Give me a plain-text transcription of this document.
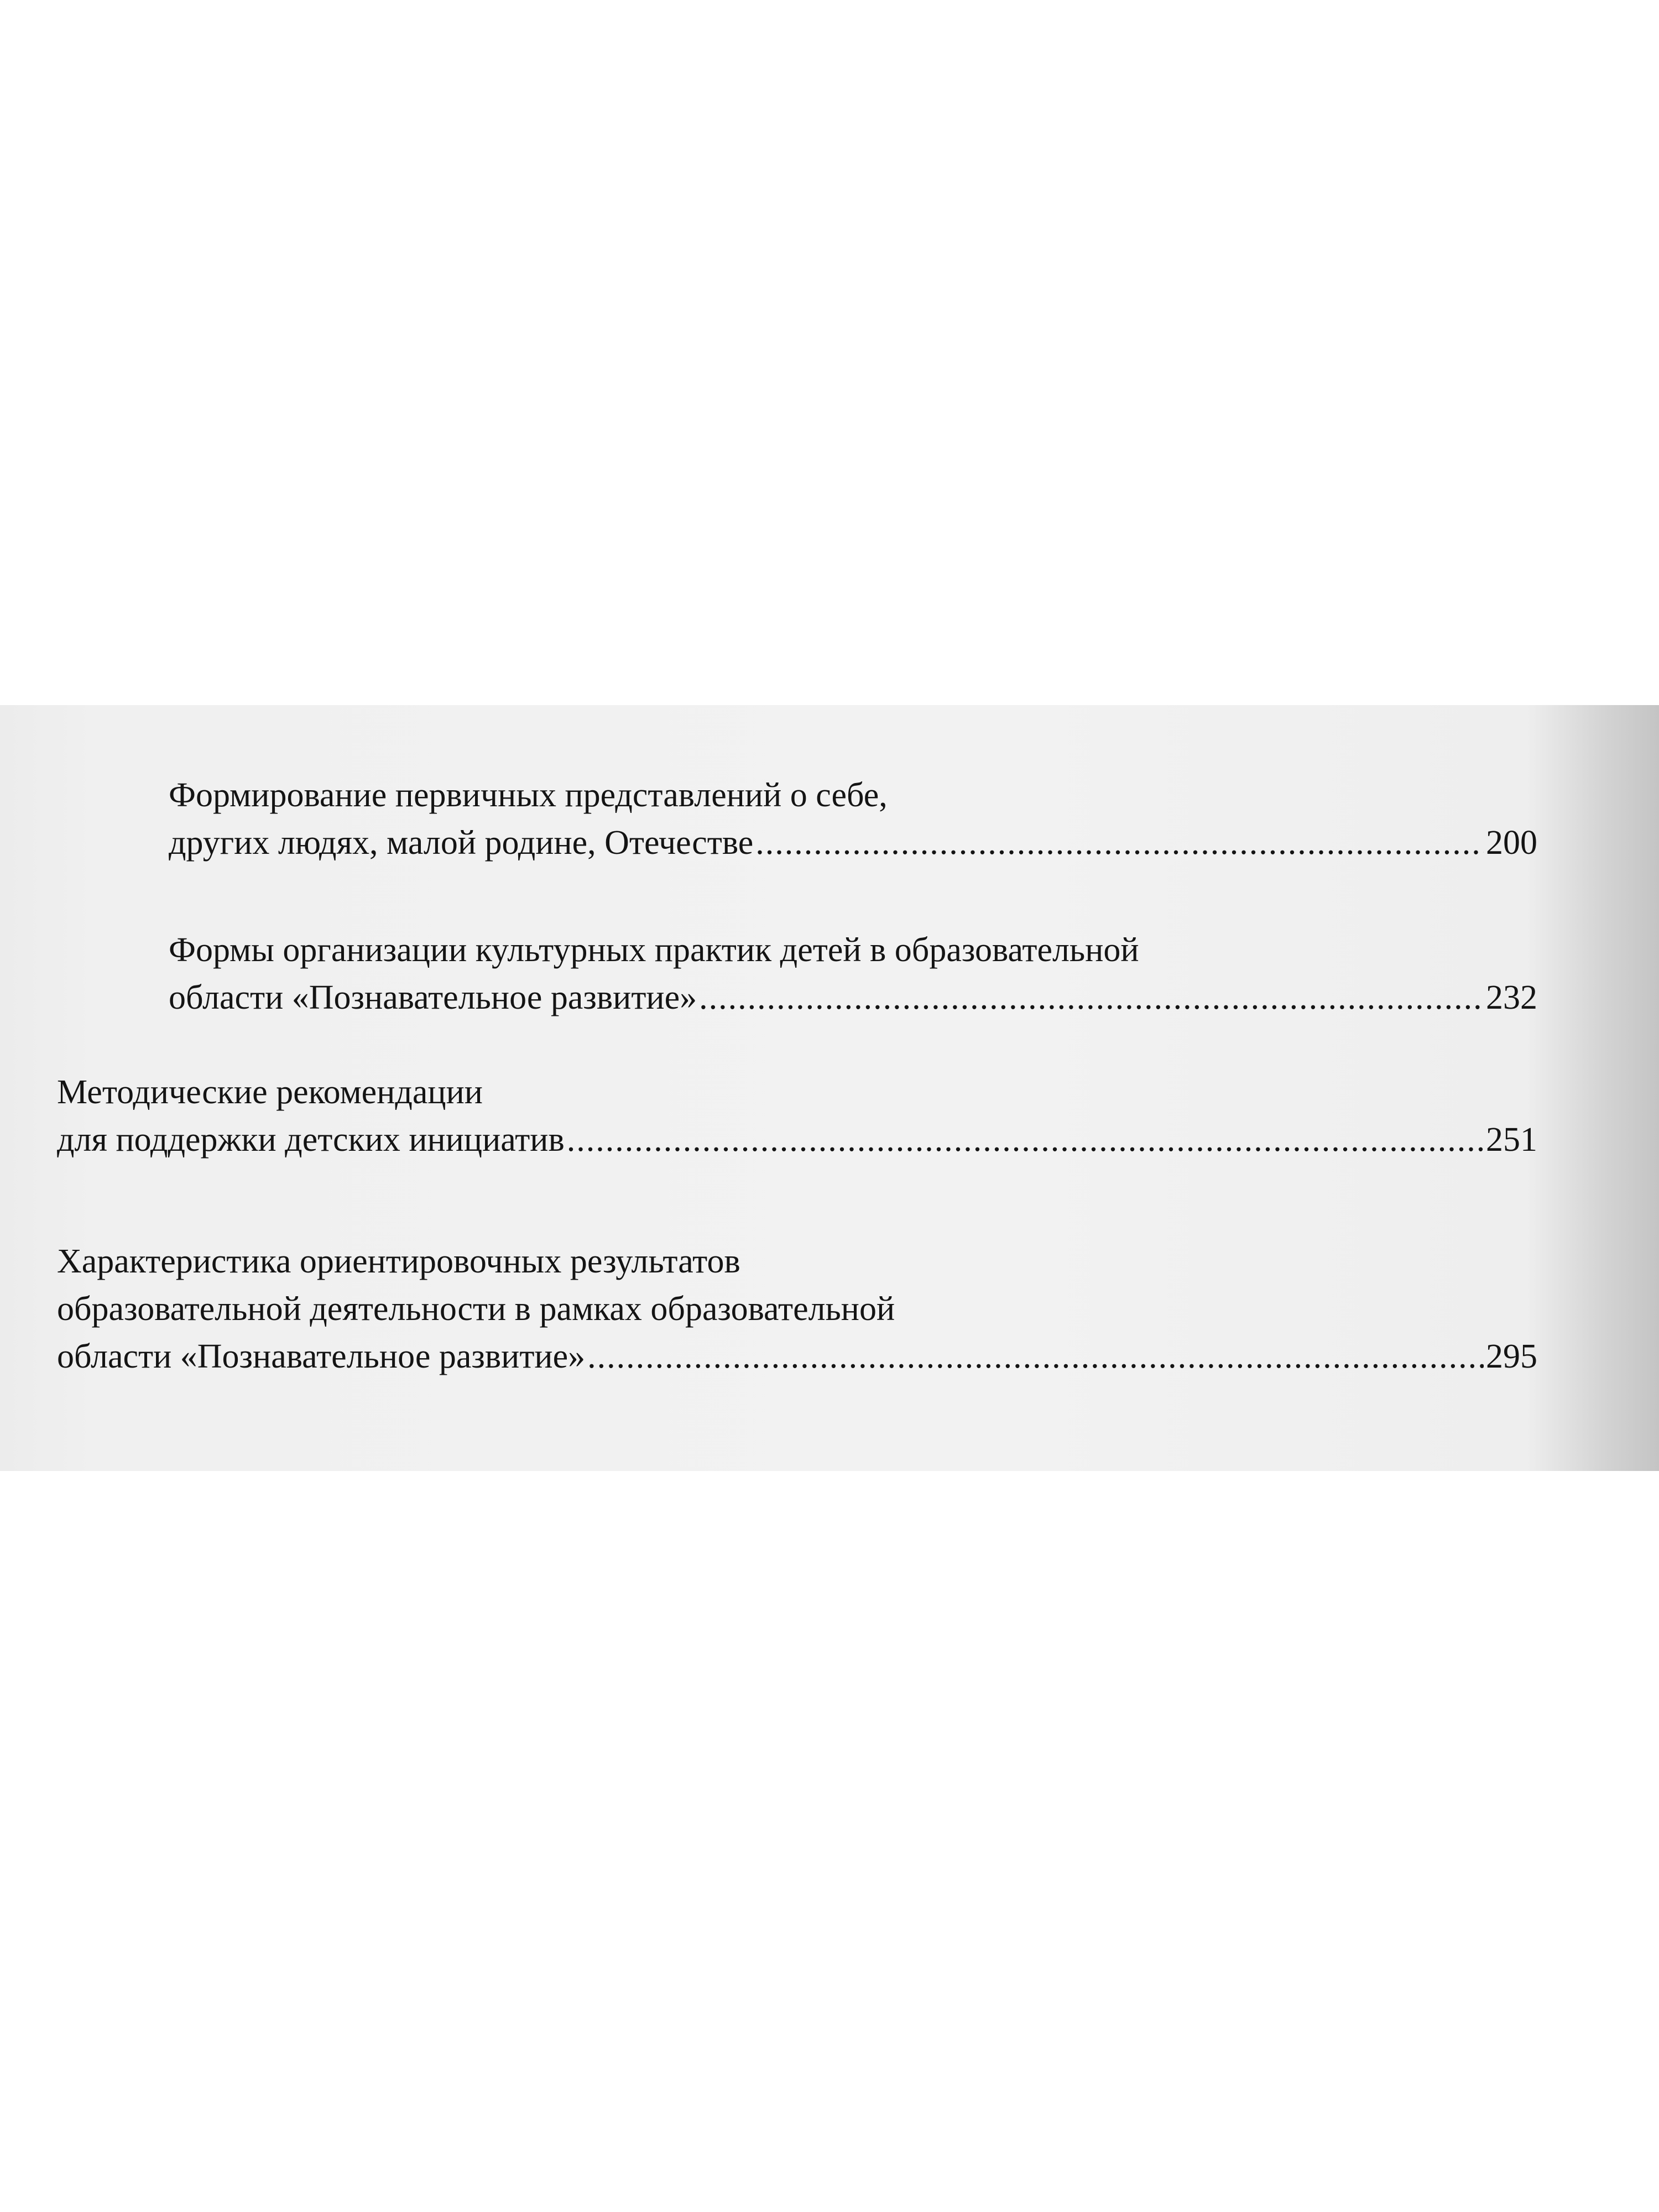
Формирование первичных представлений о себе,
других людях, малой родине, Отечестве .....	200
Формы организации культурных практик детей в образовательной
области «Познавательное развитие» .....	232
Методические рекомендации
для поддержки детских инициатив .....	251
Характеристика ориентировочных результатов
образовательной деятельности в рамках образовательной
области «Познавательное развитие» .....	295
